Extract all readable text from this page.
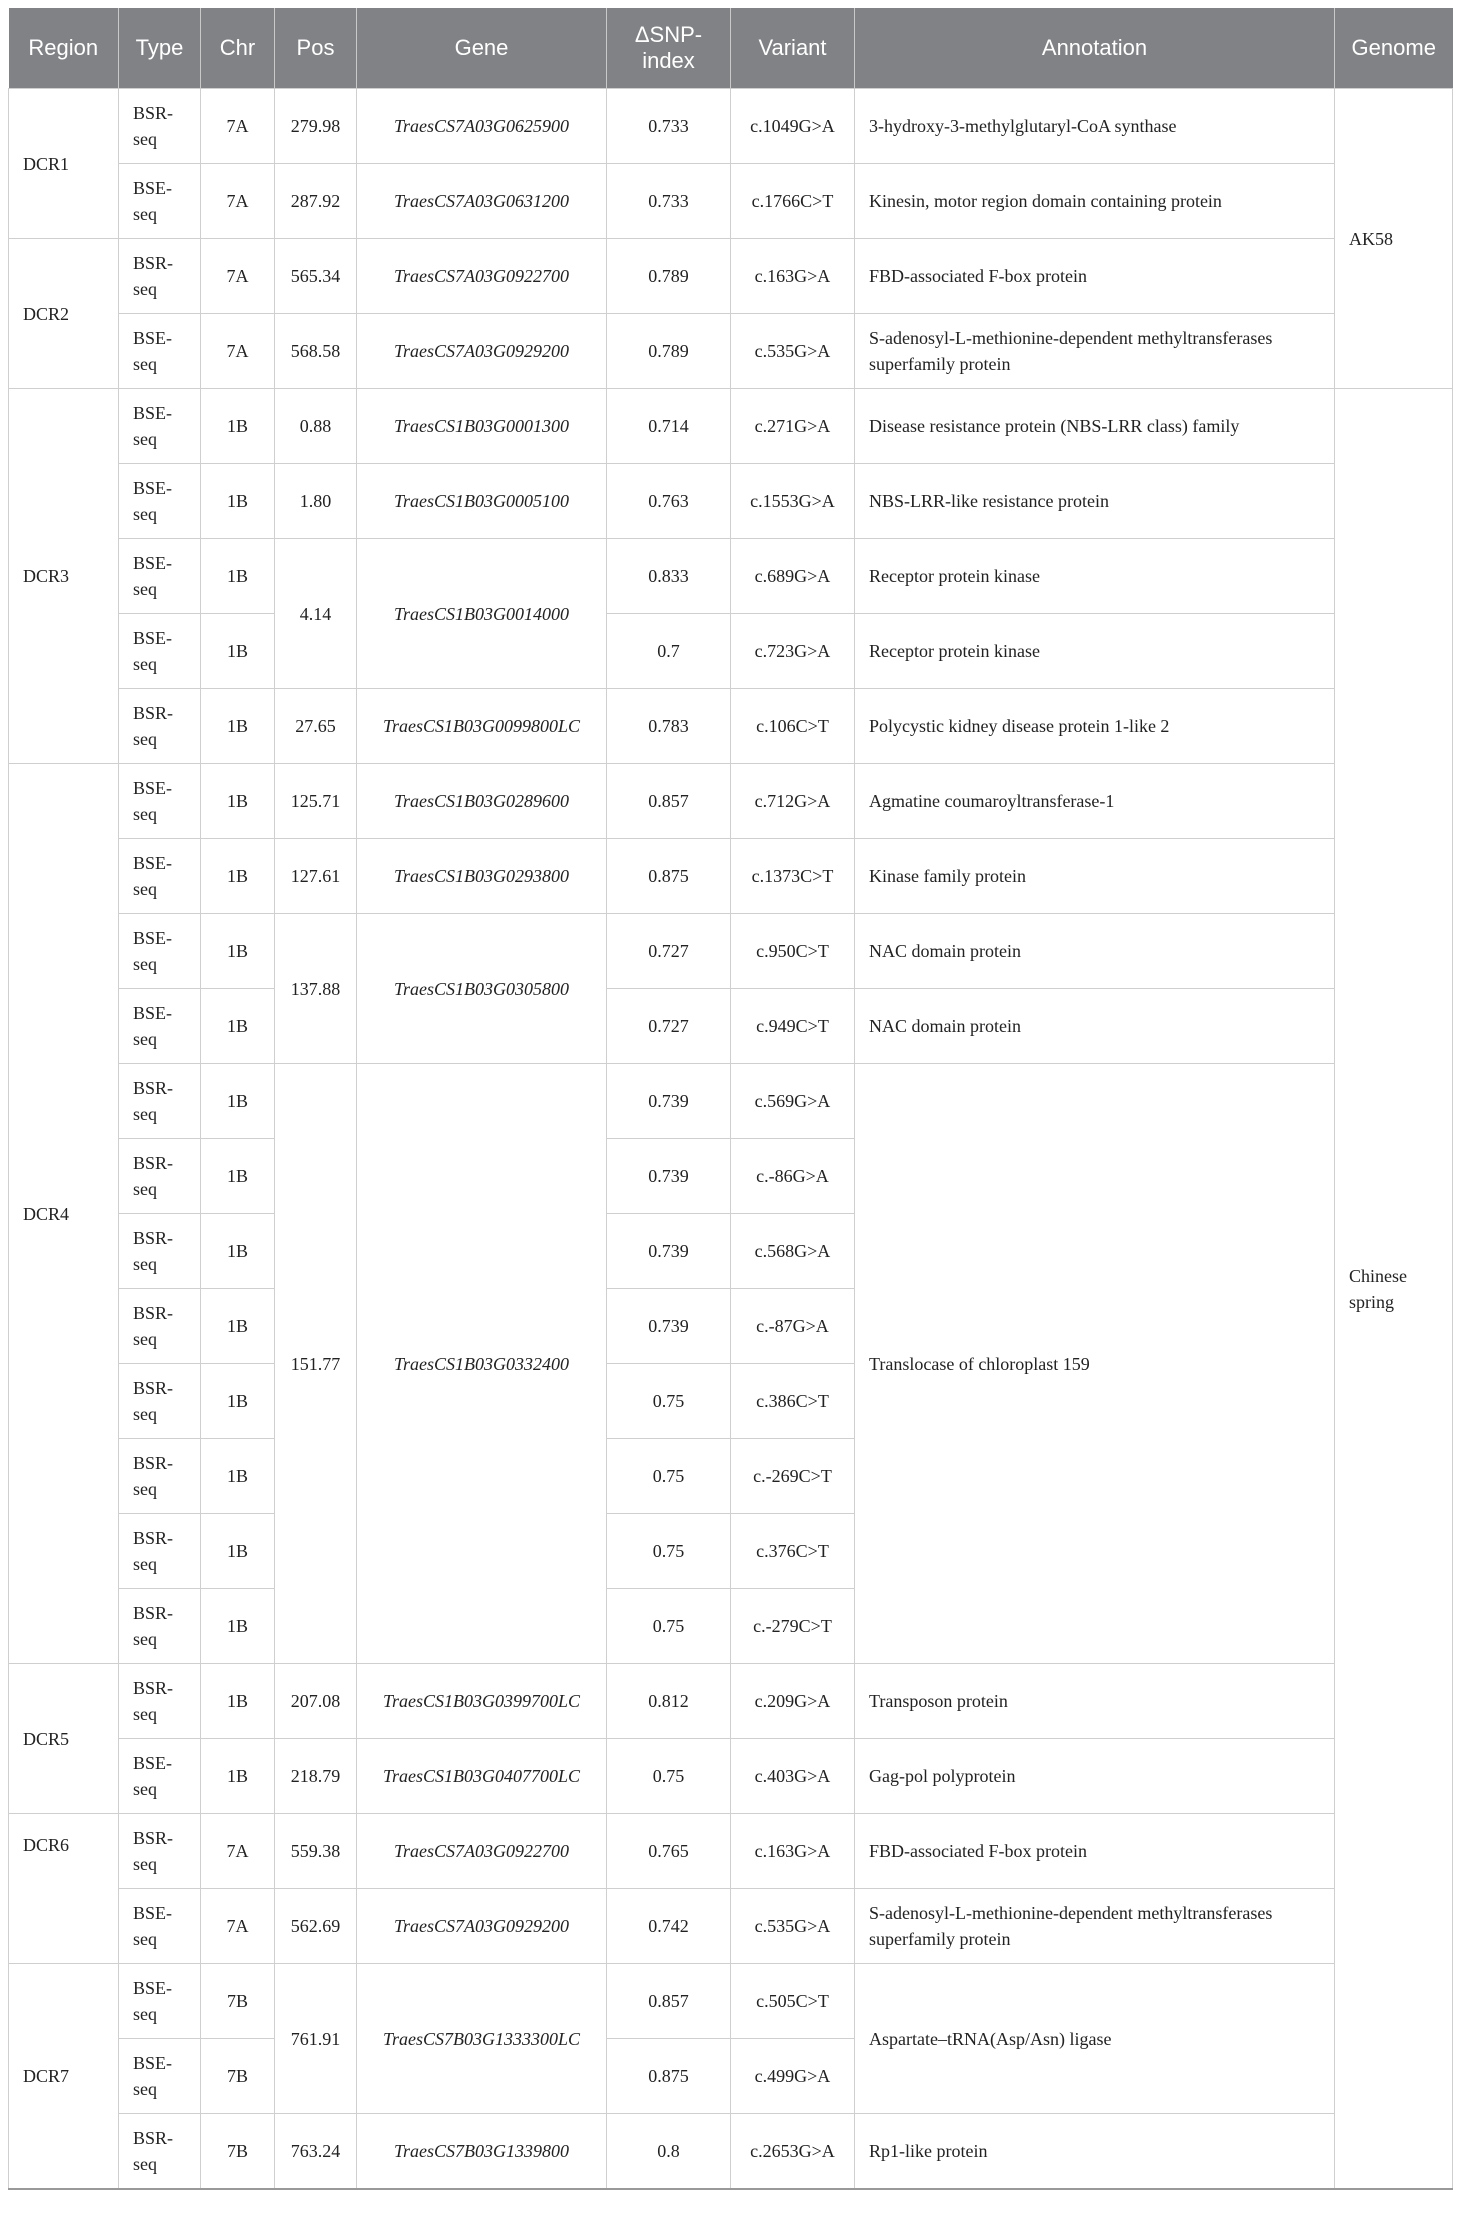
Region	Type	Chr	Pos	Gene	ΔSNP-index	Variant	Annotation	Genome
DCR1	BSR-seq	7A	279.98	TraesCS7A03G0625900	0.733	c.1049G>A	3-hydroxy-3-methylglutaryl-CoA synthase	AK58
	BSE-seq	7A	287.92	TraesCS7A03G0631200	0.733	c.1766C>T	Kinesin, motor region domain containing protein	
DCR2	BSR-seq	7A	565.34	TraesCS7A03G0922700	0.789	c.163G>A	FBD-associated F-box protein	
	BSE-seq	7A	568.58	TraesCS7A03G0929200	0.789	c.535G>A	S-adenosyl-L-methionine-dependent methyltransferases superfamily protein	
DCR3	BSE-seq	1B	0.88	TraesCS1B03G0001300	0.714	c.271G>A	Disease resistance protein (NBS-LRR class) family	Chinese spring
	BSE-seq	1B	1.80	TraesCS1B03G0005100	0.763	c.1553G>A	NBS-LRR-like resistance protein	
	BSE-seq	1B	4.14	TraesCS1B03G0014000	0.833	c.689G>A	Receptor protein kinase	
	BSE-seq	1B			0.7	c.723G>A	Receptor protein kinase	
	BSR-seq	1B	27.65	TraesCS1B03G0099800LC	0.783	c.106C>T	Polycystic kidney disease protein 1-like 2	
DCR4	BSE-seq	1B	125.71	TraesCS1B03G0289600	0.857	c.712G>A	Agmatine coumaroyltransferase-1	
	BSE-seq	1B	127.61	TraesCS1B03G0293800	0.875	c.1373C>T	Kinase family protein	
	BSE-seq	1B	137.88	TraesCS1B03G0305800	0.727	c.950C>T	NAC domain protein	
	BSE-seq	1B			0.727	c.949C>T	NAC domain protein	
	BSR-seq	1B	151.77	TraesCS1B03G0332400	0.739	c.569G>A	Translocase of chloroplast 159	
	BSR-seq	1B			0.739	c.-86G>A		
	BSR-seq	1B			0.739	c.568G>A		
	BSR-seq	1B			0.739	c.-87G>A		
	BSR-seq	1B			0.75	c.386C>T		
	BSR-seq	1B			0.75	c.-269C>T		
	BSR-seq	1B			0.75	c.376C>T		
	BSR-seq	1B			0.75	c.-279C>T		
DCR5	BSR-seq	1B	207.08	TraesCS1B03G0399700LC	0.812	c.209G>A	Transposon protein	
	BSE-seq	1B	218.79	TraesCS1B03G0407700LC	0.75	c.403G>A	Gag-pol polyprotein	
DCR6	BSR-seq	7A	559.38	TraesCS7A03G0922700	0.765	c.163G>A	FBD-associated F-box protein	
	BSE-seq	7A	562.69	TraesCS7A03G0929200	0.742	c.535G>A	S-adenosyl-L-methionine-dependent methyltransferases superfamily protein	
DCR7	BSE-seq	7B	761.91	TraesCS7B03G1333300LC	0.857	c.505C>T	Aspartate–tRNA(Asp/Asn) ligase	
	BSE-seq	7B			0.875	c.499G>A		
	BSR-seq	7B	763.24	TraesCS7B03G1339800	0.8	c.2653G>A	Rp1-like protein	
